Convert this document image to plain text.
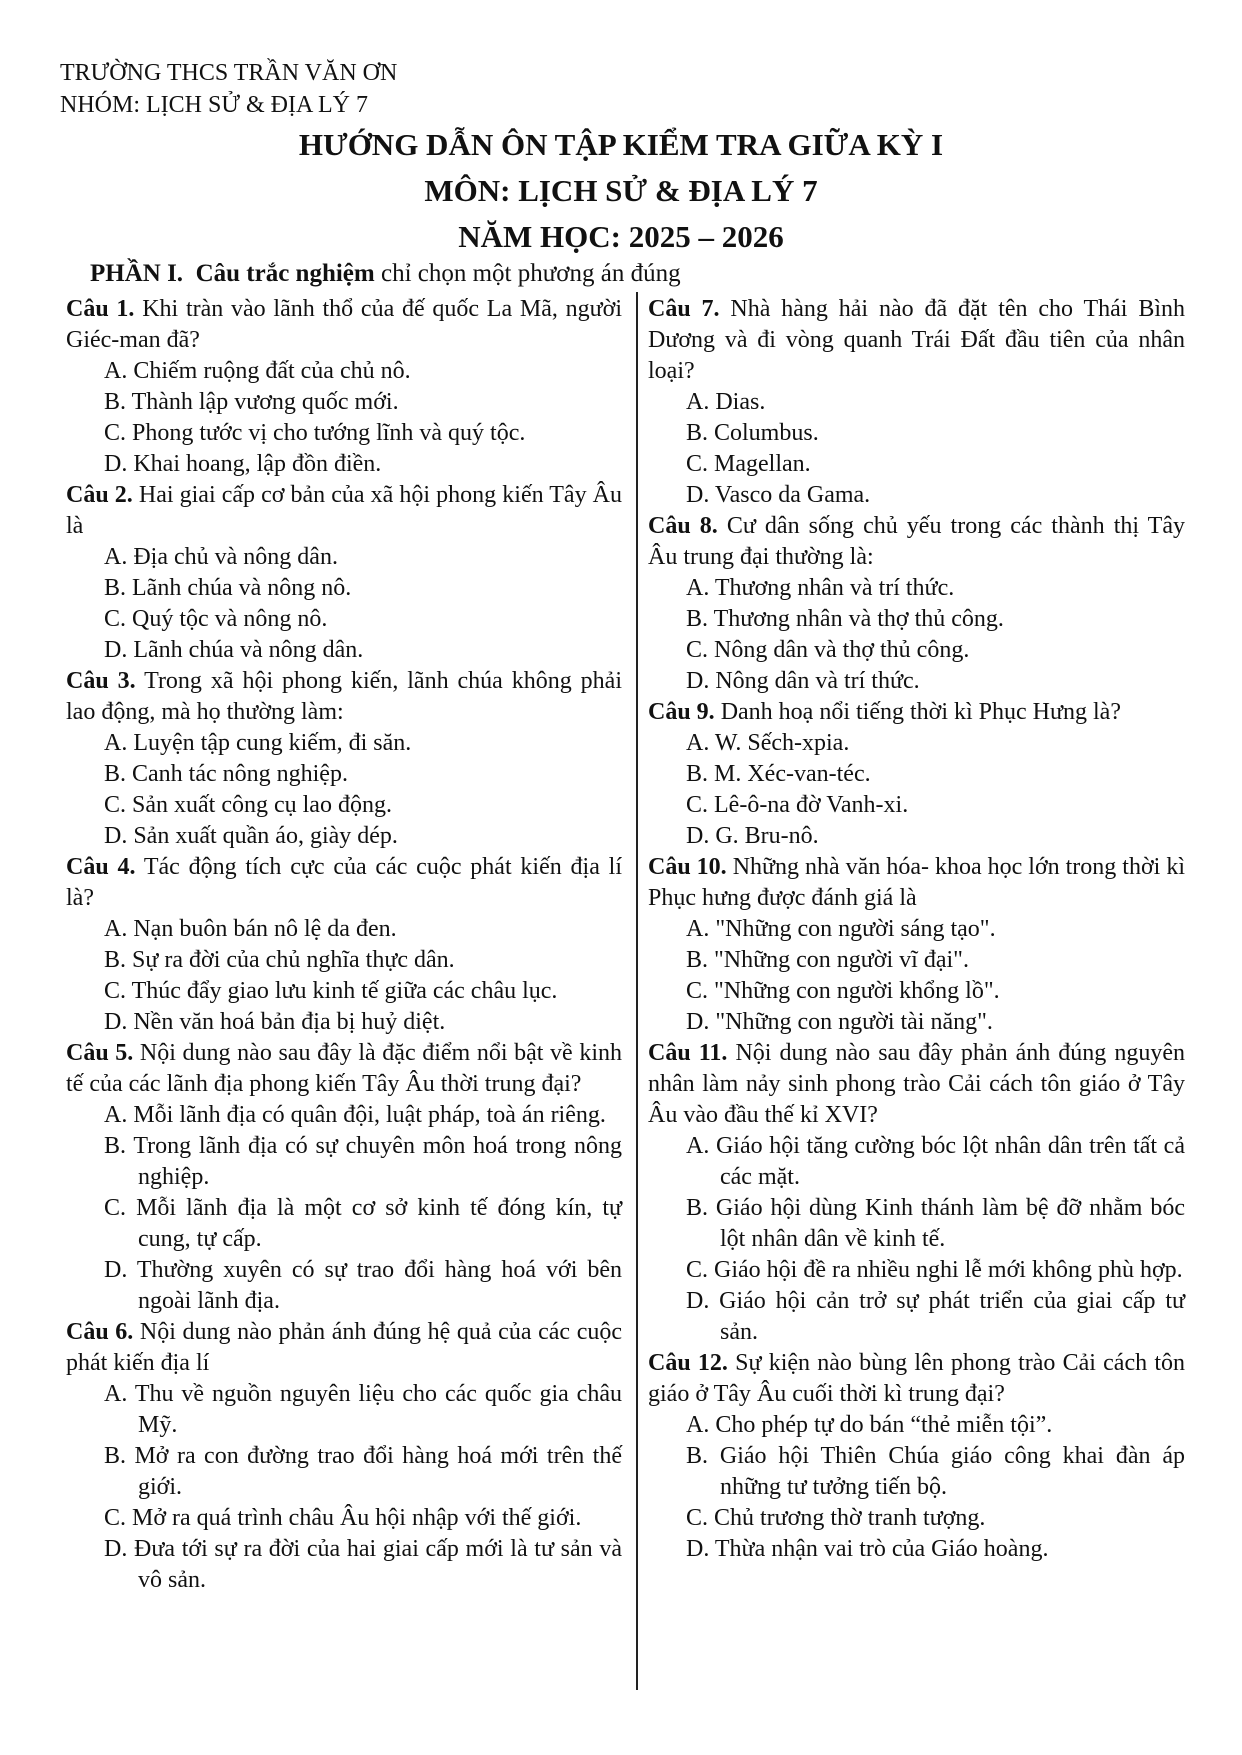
TRƯỜNG THCS TRẦN VĂN ƠN
NHÓM: LỊCH SỬ & ĐỊA LÝ 7
HƯỚNG DẪN ÔN TẬP KIỂM TRA GIỮA KỲ I
MÔN: LỊCH SỬ & ĐỊA LÝ 7
NĂM HỌC: 2025 – 2026
PHẦN I. Câu trắc nghiệm chỉ chọn một phương án đúng

Câu 1. Khi tràn vào lãnh thổ của đế quốc La Mã, người Giéc-man đã?

A. Chiếm ruộng đất của chủ nô.

B. Thành lập vương quốc mới.

C. Phong tước vị cho tướng lĩnh và quý tộc.

D. Khai hoang, lập đồn điền.

Câu 2. Hai giai cấp cơ bản của xã hội phong kiến Tây Âu là

A. Địa chủ và nông dân.

B. Lãnh chúa và nông nô.

C. Quý tộc và nông nô.

D. Lãnh chúa và nông dân.

Câu 3. Trong xã hội phong kiến, lãnh chúa không phải lao động, mà họ thường làm:

A. Luyện tập cung kiếm, đi săn.

B. Canh tác nông nghiệp.

C. Sản xuất công cụ lao động.

D. Sản xuất quần áo, giày dép.

Câu 4. Tác động tích cực của các cuộc phát kiến địa lí là?

A. Nạn buôn bán nô lệ da đen.

B. Sự ra đời của chủ nghĩa thực dân.

C. Thúc đẩy giao lưu kinh tế giữa các châu lục.

D. Nền văn hoá bản địa bị huỷ diệt.

Câu 5. Nội dung nào sau đây là đặc điểm nổi bật về kinh tế của các lãnh địa phong kiến Tây Âu thời trung đại?

A. Mỗi lãnh địa có quân đội, luật pháp, toà án riêng.

B. Trong lãnh địa có sự chuyên môn hoá trong nông nghiệp.

C. Mỗi lãnh địa là một cơ sở kinh tế đóng kín, tự cung, tự cấp.

D. Thường xuyên có sự trao đổi hàng hoá với bên ngoài lãnh địa.

Câu 6. Nội dung nào phản ánh đúng hệ quả của các cuộc phát kiến địa lí

A. Thu về nguồn nguyên liệu cho các quốc gia châu Mỹ.

B. Mở ra con đường trao đổi hàng hoá mới trên thế giới.

C. Mở ra quá trình châu Âu hội nhập với thế giới.

D. Đưa tới sự ra đời của hai giai cấp mới là tư sản và vô sản.

Câu 7. Nhà hàng hải nào đã đặt tên cho Thái Bình Dương và đi vòng quanh Trái Đất đầu tiên của nhân loại?

A. Dias.

B. Columbus.

C. Magellan.

D. Vasco da Gama.

Câu 8. Cư dân sống chủ yếu trong các thành thị Tây Âu trung đại thường là:

A. Thương nhân và trí thức.

B. Thương nhân và thợ thủ công.

C. Nông dân và thợ thủ công.

D. Nông dân và trí thức.

Câu 9. Danh hoạ nổi tiếng thời kì Phục Hưng là?

A. W. Sếch-xpia.

B. M. Xéc-van-téc.

C. Lê-ô-na đờ Vanh-xi.

D. G. Bru-nô.

Câu 10. Những nhà văn hóa- khoa học lớn trong thời kì Phục hưng được đánh giá là

A. "Những con người sáng tạo".

B. "Những con người vĩ đại".

C. "Những con người khổng lồ".

D. "Những con người tài năng".

Câu 11. Nội dung nào sau đây phản ánh đúng nguyên nhân làm nảy sinh phong trào Cải cách tôn giáo ở Tây Âu vào đầu thế kỉ XVI?

A. Giáo hội tăng cường bóc lột nhân dân trên tất cả các mặt.

B. Giáo hội dùng Kinh thánh làm bệ đỡ nhằm bóc lột nhân dân về kinh tế.

C. Giáo hội đề ra nhiều nghi lễ mới không phù hợp.

D. Giáo hội cản trở sự phát triển của giai cấp tư sản.

Câu 12. Sự kiện nào bùng lên phong trào Cải cách tôn giáo ở Tây Âu cuối thời kì trung đại?

A. Cho phép tự do bán “thẻ miễn tội”.

B. Giáo hội Thiên Chúa giáo công khai đàn áp những tư tưởng tiến bộ.

C. Chủ trương thờ tranh tượng.

D. Thừa nhận vai trò của Giáo hoàng.
